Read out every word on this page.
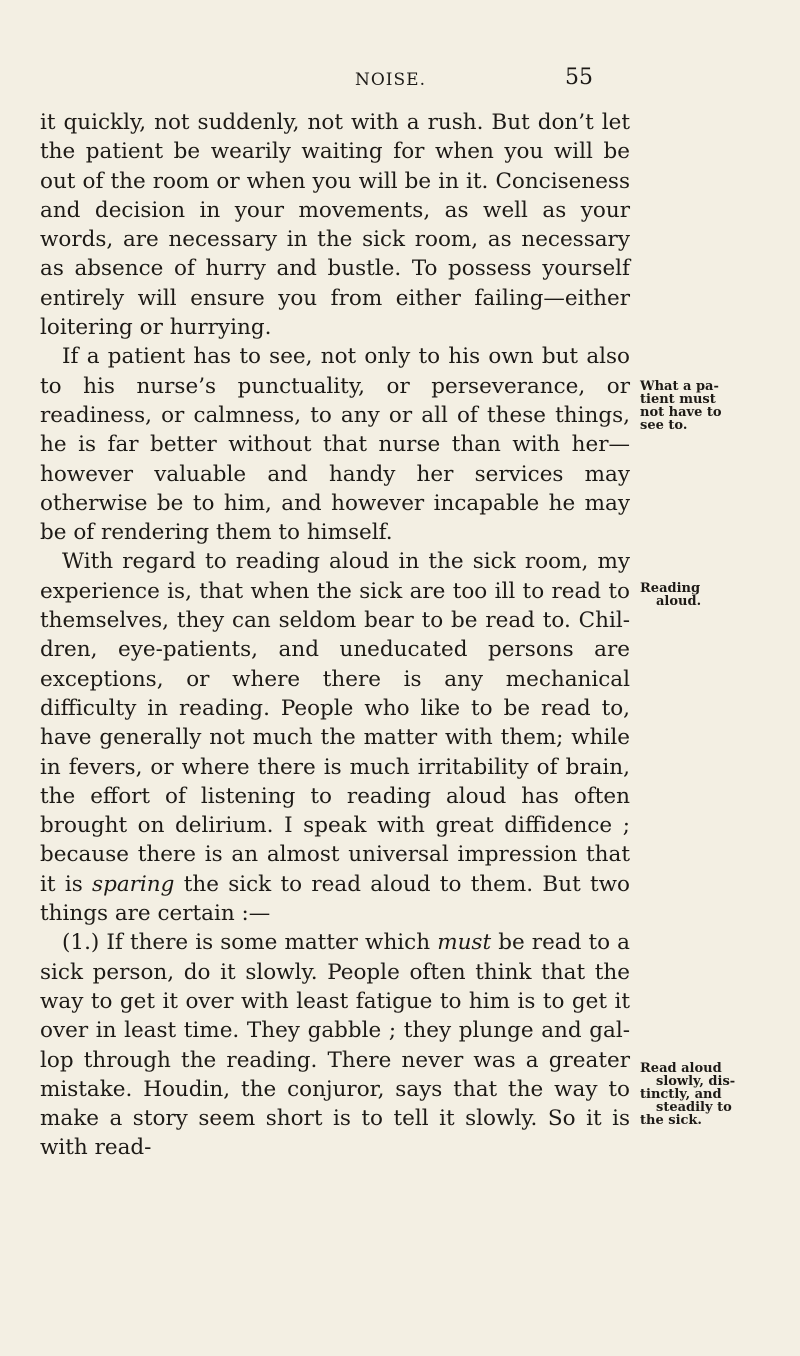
NOISE.	55

it quickly, not suddenly, not with a rush. But don’t let the patient be wearily waiting for when you will be out of the room or when you will be in it. Conciseness and decision in your movements, as well as your words, are necessary in the sick room, as necessary as absence of hurry and bustle. To possess yourself entirely will ensure you from either failing—either loitering or hurrying.

If a patient has to see, not only to his own but also to his nurse’s punctuality, or perseverance, or readiness, or calmness, to any or all of these things, he is far better without that nurse than with her—however valuable and handy her services may otherwise be to him, and however incapable he may be of rendering them to himself.

With regard to reading aloud in the sick room, my experience is, that when the sick are too ill to read to themselves, they can seldom bear to be read to. Children, eye-patients, and uneducated persons are exceptions, or where there is any mechanical difficulty in reading. People who like to be read to, have generally not much the matter with them; while in fevers, or where there is much irritability of brain, the effort of listening to reading aloud has often brought on delirium. I speak with great diffidence ; because there is an almost universal impression that it is sparing the sick to read aloud to them. But two things are certain :—

(1.) If there is some matter which must be read to a sick person, do it slowly. People often think that the way to get it over with least fatigue to him is to get it over in least time. They gabble ; they plunge and gallop through the reading. There never was a greater mistake. Houdin, the conjuror, says that the way to make a story seem short is to tell it slowly. So it is with read-

What a pa-
tient must
not have to
see to.
Reading

aloud.
Read aloud

slowly, dis-
tinctly, and

steadily to
the sick.
